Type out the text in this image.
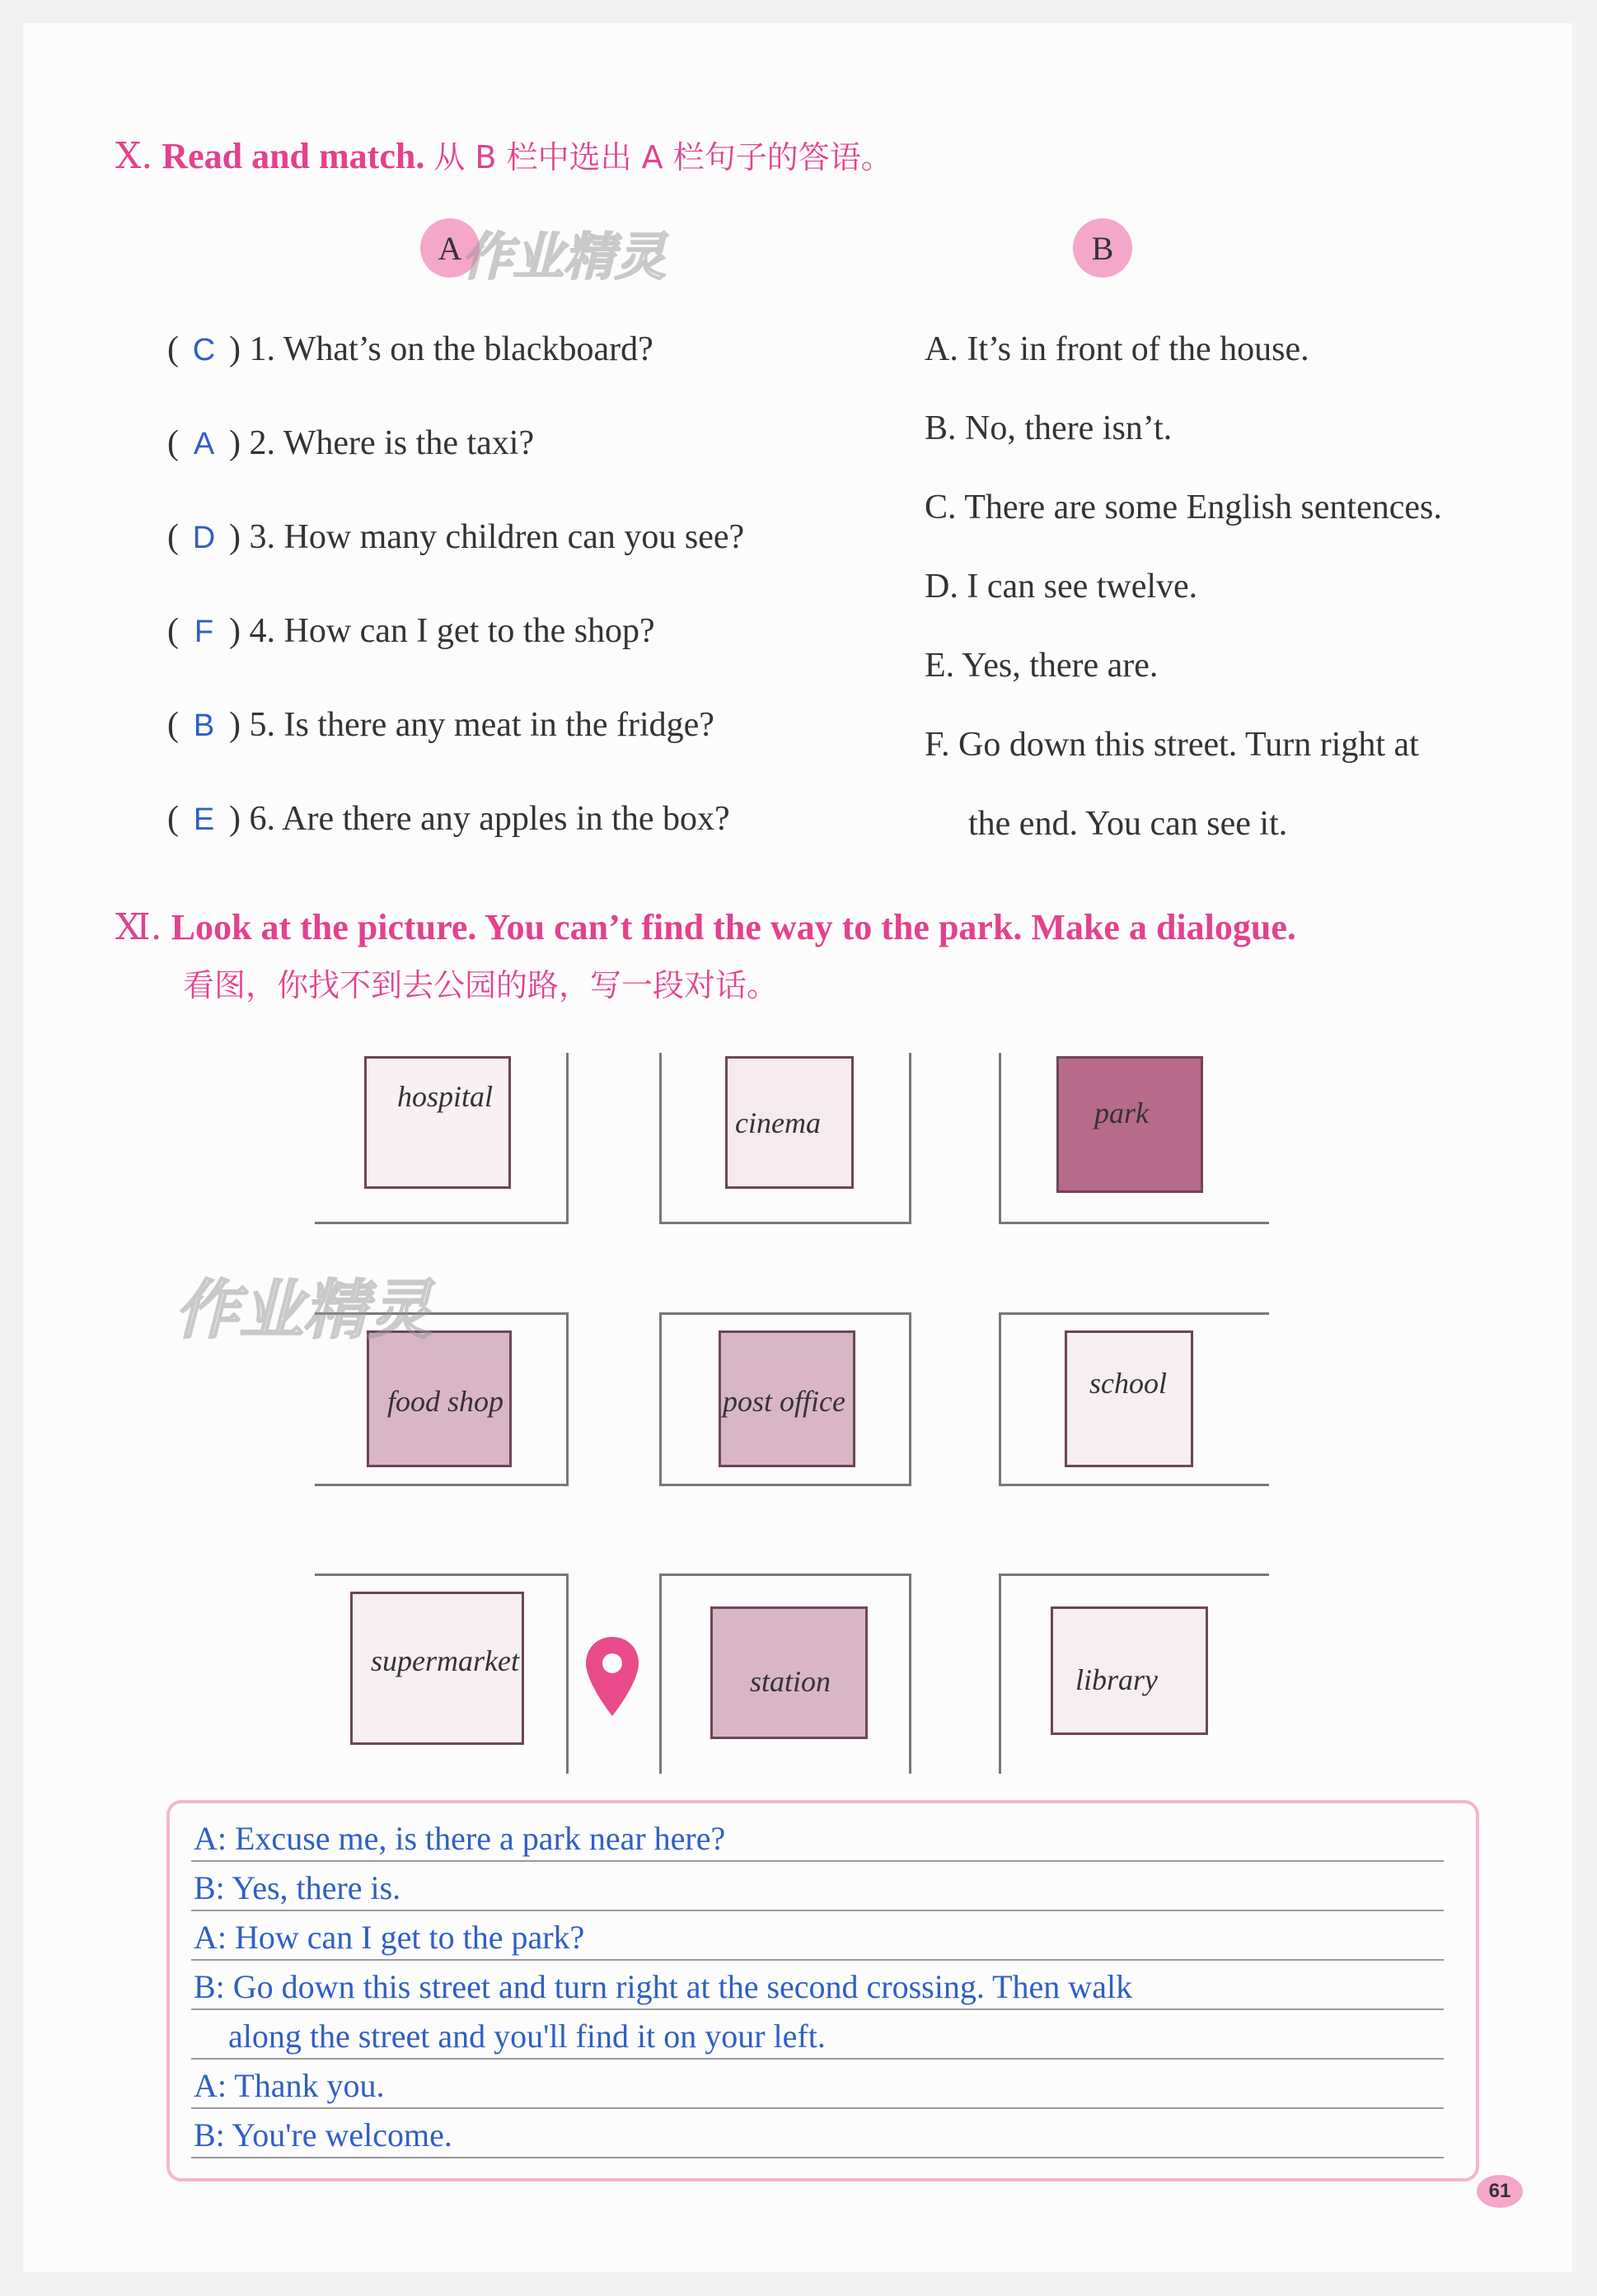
Ⅹ. Read and match. 从 B 栏中选出 A 栏句子的答语。
A 作业精灵	B
( C ) 1. What’s on the blackboard?
( A ) 2. Where is the taxi?
( D ) 3. How many children can you see?
( F ) 4. How can I get to the shop?
( B ) 5. Is there any meat in the fridge?
( E ) 6. Are there any apples in the box?
A. It’s in front of the house.
B. No, there isn’t.
C. There are some English sentences.
D. I can see twelve.
E. Yes, there are.
F. Go down this street. Turn right at
the end. You can see it.
Ⅺ. Look at the picture. You can’t find the way to the park. Make a dialogue.
看图，你找不到去公园的路，写一段对话。
hospital
cinema	park
food shop	post office
school
作业精灵
supermarket
station	library
A: Excuse me, is there a park near here?
B: Yes, there is.
A: How can I get to the park?
B: Go down this street and turn right at the second crossing. Then walk
along the street and you'll find it on your left.
A: Thank you.
B: You're welcome.
61
